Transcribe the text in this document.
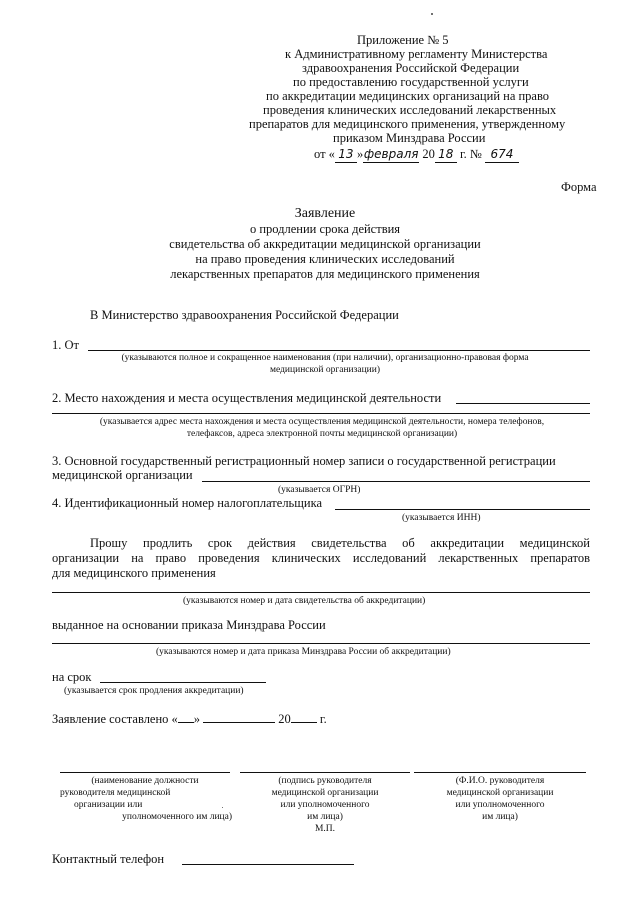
Приложение № 5
к Административному регламенту Министерства
здравоохранения Российской Федерации
по предоставлению государственной услуги
по аккредитации медицинских организаций на право
проведения клинических исследований лекарственных
препаратов для медицинского применения, утвержденному
приказом Минздрава России
от « 13 »февраля 20 18 г. № 674
Форма
Заявление
о продлении срока действия
свидетельства об аккредитации медицинской организации
на право проведения клинических исследований
лекарственных препаратов для медицинского применения
В Министерство здравоохранения Российской Федерации
1. От
(указываются полное и сокращенное наименования (при наличии), организационно-правовая форма
медицинской организации)
2. Место нахождения и места осуществления медицинской деятельности
(указывается адрес места нахождения и места осуществления медицинской деятельности, номера телефонов,
телефаксов, адреса электронной почты медицинской организации)
3. Основной государственный регистрационный номер записи о государственной регистрации
медицинской организации
(указывается ОГРН)
4. Идентификационный номер налогоплательщика
(указывается ИНН)
Прошу продлить срок действия свидетельства об аккредитации медицинской
организации на право проведения клинических исследований лекарственных препаратов
для медицинского применения
(указываются номер и дата свидетельства об аккредитации)
выданное на основании приказа Минздрава России
(указываются номер и дата приказа Минздрава России об аккредитации)
на срок
(указывается срок продления аккредитации)
Заявление составлено « »	20 г.
(наименование должности
руководителя медицинской
организации или
уполномоченного им лица)
(подпись руководителя
медицинской организации
или уполномоченного
им лица)
М.П.
(Ф.И.О. руководителя
медицинской организации
или уполномоченного
им лица)
Контактный телефон
